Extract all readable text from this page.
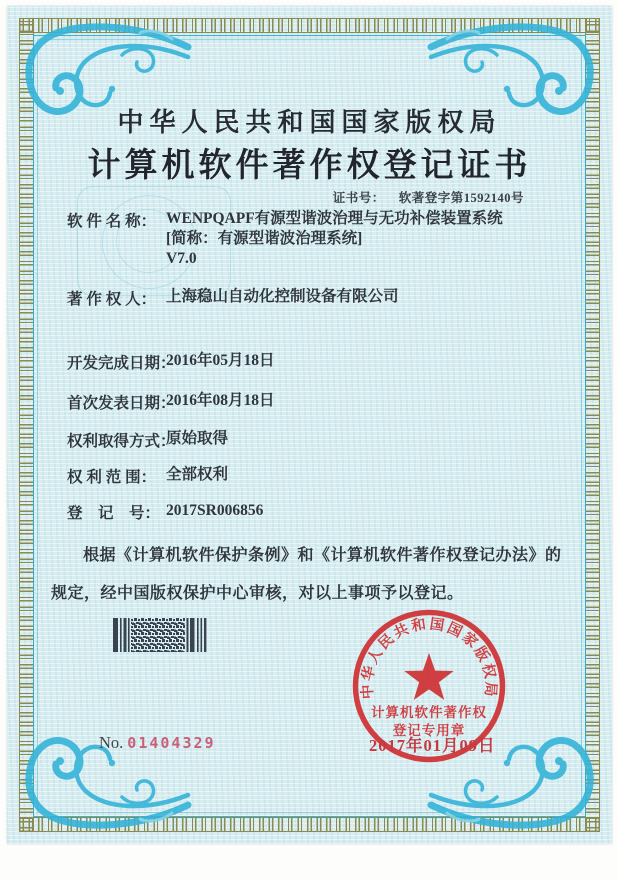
中华人民共和国国家版权局
计算机软件著作权登记证书
证书号： 软著登字第1592140号
软 件 名 称： WENPQAPF有源型谐波治理与无功补偿装置系统
[简称：有源型谐波治理系统]
V7.0
著 作 权 人： 上海稳山自动化控制设备有限公司
开发完成日期：
2016年05月18日
首次发表日期：
2016年08月18日
权利取得方式：
原始取得
权 利 范 围： 全部权利
登　记　号： 2017SR006856
根据《计算机软件保护条例》和《计算机软件著作权登记办法》的规定，经中国版权保护中心审核，对以上事项予以登记。
中华人民共和国国家版权局
计算机软件著作权
登记专用章
2017年01月09日
No. 01404329
